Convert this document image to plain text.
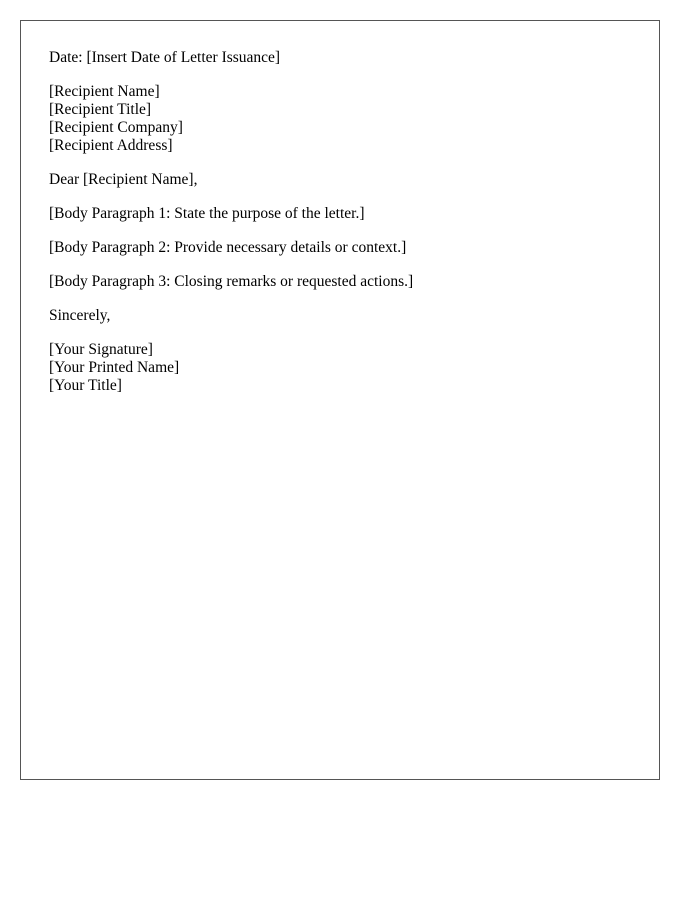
Date: [Insert Date of Letter Issuance]

[Recipient Name]
[Recipient Title]
[Recipient Company]
[Recipient Address]

Dear [Recipient Name],

[Body Paragraph 1: State the purpose of the letter.]

[Body Paragraph 2: Provide necessary details or context.]

[Body Paragraph 3: Closing remarks or requested actions.]

Sincerely,

[Your Signature]
[Your Printed Name]
[Your Title]
